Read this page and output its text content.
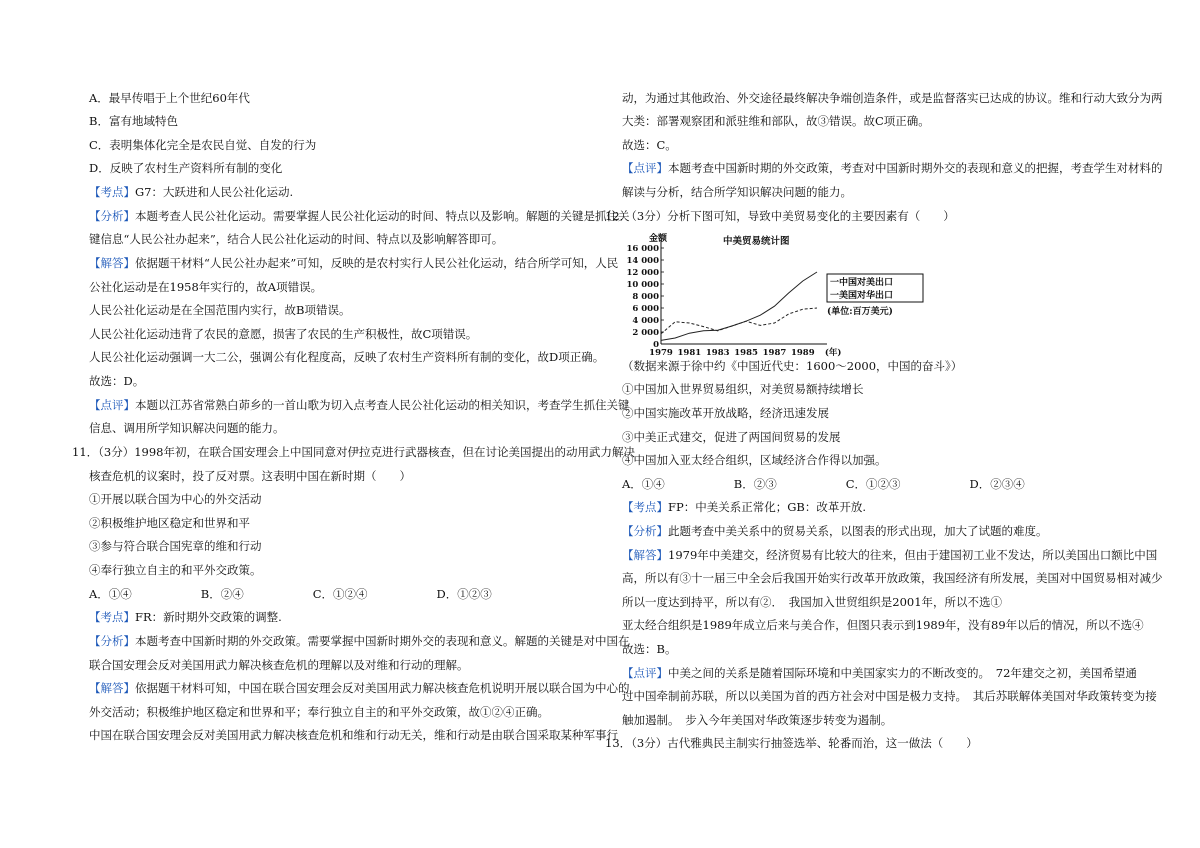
A．最早传唱于上个世纪60年代
B．富有地域特色
C．表明集体化完全是农民自觉、自发的行为
D．反映了农村生产资料所有制的变化
【考点】G7：大跃进和人民公社化运动.
【分析】本题考查人民公社化运动。需要掌握人民公社化运动的时间、特点以及影响。解题的关键是抓住关
键信息“人民公社办起来”，结合人民公社化运动的时间、特点以及影响解答即可。
【解答】依据题干材料“人民公社办起来”可知，反映的是农村实行人民公社化运动，结合所学可知，人民
公社化运动是在1958年实行的，故A项错误。
人民公社化运动是在全国范围内实行，故B项错误。
人民公社化运动违背了农民的意愿，损害了农民的生产积极性，故C项错误。
人民公社化运动强调一大二公，强调公有化程度高，反映了农村生产资料所有制的变化，故D项正确。
故选：D。
【点评】本题以江苏省常熟白茆乡的一首山歌为切入点考查人民公社化运动的相关知识，考查学生抓住关键
信息、调用所学知识解决问题的能力。
11．（3分）1998年初，在联合国安理会上中国同意对伊拉克进行武器核查，但在讨论美国提出的动用武力解决
核查危机的议案时，投了反对票。这表明中国在新时期（　　）
①开展以联合国为中心的外交活动
②积极维护地区稳定和世界和平
③参与符合联合国宪章的维和行动
④奉行独立自主的和平外交政策。
A．①④　　　　　　B．②④　　　　　　C．①②④　　　　　　D．①②③
【考点】FR：新时期外交政策的调整.
【分析】本题考查中国新时期的外交政策。需要掌握中国新时期外交的表现和意义。解题的关键是对中国在
联合国安理会反对美国用武力解决核查危机的理解以及对维和行动的理解。
【解答】依据题干材料可知，中国在联合国安理会反对美国用武力解决核查危机说明开展以联合国为中心的
外交活动；积极维护地区稳定和世界和平；奉行独立自主的和平外交政策，故①②④正确。
中国在联合国安理会反对美国用武力解决核查危机和维和行动无关，维和行动是由联合国采取某种军事行
动，为通过其他政治、外交途径最终解决争端创造条件，或是监督落实已达成的协议。维和行动大致分为两
大类：部署观察团和派驻维和部队，故③错误。故C项正确。
故选：C。
【点评】本题考查中国新时期的外交政策，考查对中国新时期外交的表现和意义的把握，考查学生对材料的
解读与分析，结合所学知识解决问题的能力。
12．（3分）分析下图可知，导致中美贸易变化的主要因素有（　　）
（数据来源于徐中约《中国近代史：1600～2000，中国的奋斗》）
①中国加入世界贸易组织，对美贸易额持续增长
②中国实施改革开放战略，经济迅速发展
③中美正式建交，促进了两国间贸易的发展
④中国加入亚太经合组织，区域经济合作得以加强。
A．①④　　　　　　B．②③　　　　　　C．①②③　　　　　　D．②③④
【考点】FP：中美关系正常化；GB：改革开放.
【分析】此题考查中美关系中的贸易关系，以图表的形式出现，加大了试题的难度。
【解答】1979年中美建交，经济贸易有比较大的往来，但由于建国初工业不发达，所以美国出口额比中国
高，所以有③十一届三中全会后我国开始实行改革开放政策，我国经济有所发展，美国对中国贸易相对减少
所以一度达到持平，所以有②．　我国加入世贸组织是2001年，所以不选①
亚太经合组织是1989年成立后来与美合作，但图只表示到1989年，没有89年以后的情况，所以不选④
故选：B。
【点评】中美之间的关系是随着国际环境和中美国家实力的不断改变的。　72年建交之初，美国希望通
过中国牵制前苏联，所以以美国为首的西方社会对中国是极力支持。　其后苏联解体美国对华政策转变为接
触加遏制。　步入今年美国对华政策逐步转变为遏制。
13．（3分）古代雅典民主制实行抽签选举、轮番而治，这一做法（　　）
金额	中美贸易统计图
0
2 000
4 000
6 000
8 000
10 000
12 000
14 000
16 000
1979 1981 1983 1985 1987 1989 (年)
一中国对美出口
一美国对华出口
(单位:百万美元)
